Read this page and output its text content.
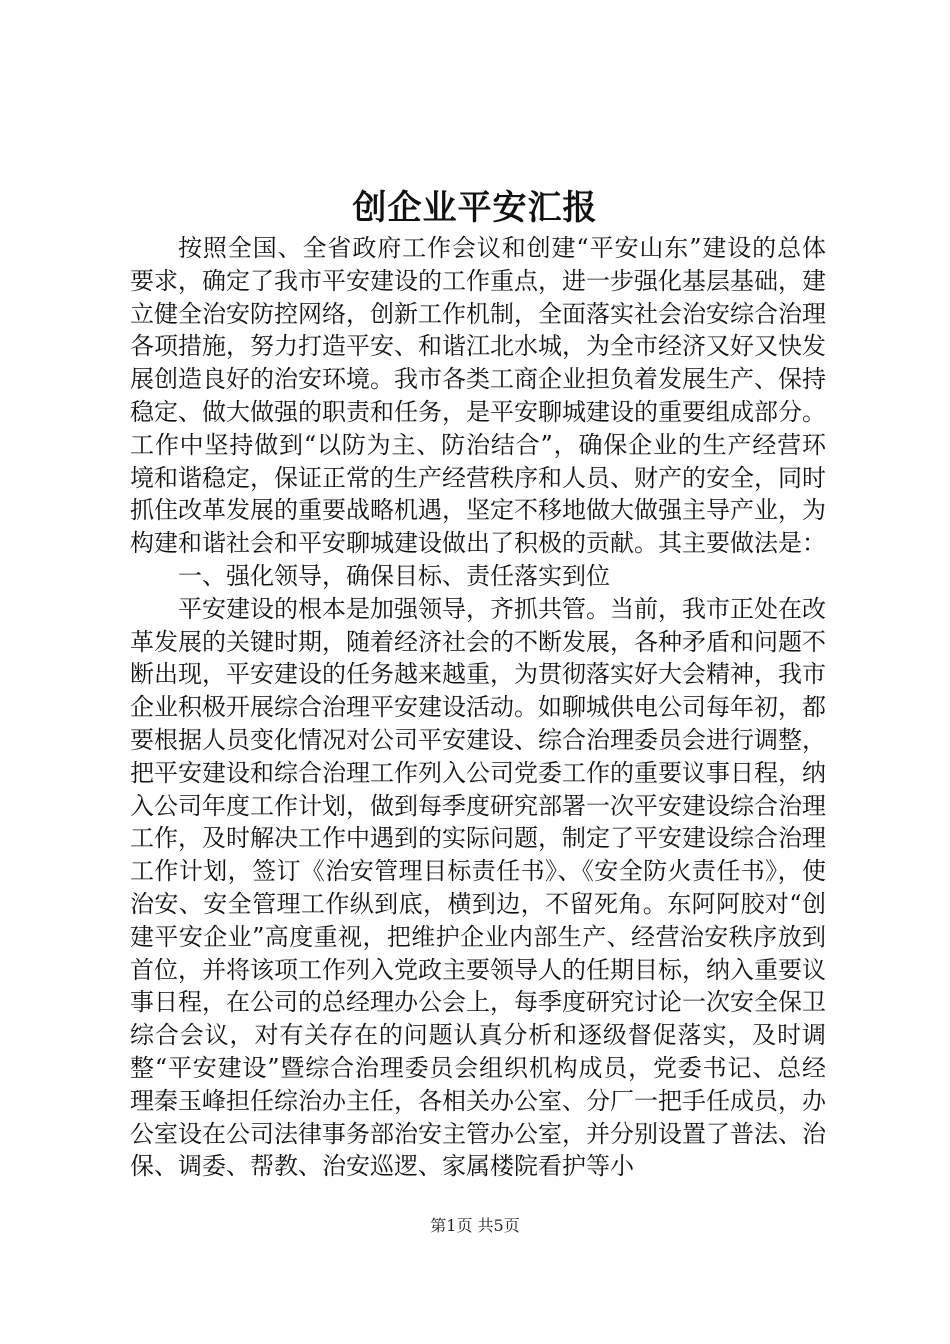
创企业平安汇报

按照全国、全省政府工作会议和创建“平安山东”建设的总体要求，确定了我市平安建设的工作重点，进一步强化基层基础，建立健全治安防控网络，创新工作机制，全面落实社会治安综合治理各项措施，努力打造平安、和谐江北水城，为全市经济又好又快发展创造良好的治安环境。我市各类工商企业担负着发展生产、保持稳定、做大做强的职责和任务，是平安聊城建设的重要组成部分。工作中坚持做到“以防为主、防治结合”，确保企业的生产经营环境和谐稳定，保证正常的生产经营秩序和人员、财产的安全，同时抓住改革发展的重要战略机遇，坚定不移地做大做强主导产业，为构建和谐社会和平安聊城建设做出了积极的贡献。其主要做法是：

一、强化领导，确保目标、责任落实到位

平安建设的根本是加强领导，齐抓共管。当前，我市正处在改革发展的关键时期，随着经济社会的不断发展，各种矛盾和问题不断出现，平安建设的任务越来越重，为贯彻落实好大会精神，我市企业积极开展综合治理平安建设活动。如聊城供电公司每年初，都要根据人员变化情况对公司平安建设、综合治理委员会进行调整，把平安建设和综合治理工作列入公司党委工作的重要议事日程，纳入公司年度工作计划，做到每季度研究部署一次平安建设综合治理工作，及时解决工作中遇到的实际问题，制定了平安建设综合治理工作计划，签订《治安管理目标责任书》、《安全防火责任书》，使治安、安全管理工作纵到底，横到边，不留死角。东阿阿胶对“创建平安企业”高度重视，把维护企业内部生产、经营治安秩序放到首位，并将该项工作列入党政主要领导人的任期目标，纳入重要议事日程，在公司的总经理办公会上，每季度研究讨论一次安全保卫综合会议，对有关存在的问题认真分析和逐级督促落实，及时调整“平安建设”暨综合治理委员会组织机构成员，党委书记、总经理秦玉峰担任综治办主任，各相关办公室、分厂一把手任成员，办公室设在公司法律事务部治安主管办公室，并分别设置了普法、治保、调委、帮教、治安巡逻、家属楼院看护等小

第1页 共5页
